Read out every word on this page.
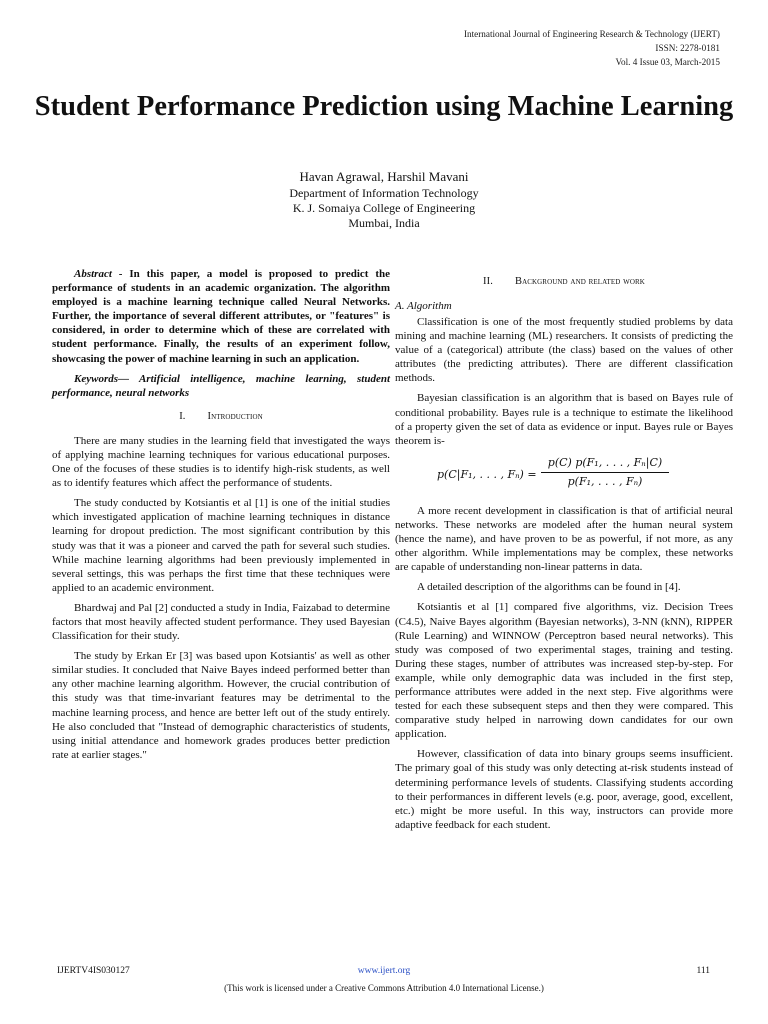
International Journal of Engineering Research & Technology (IJERT)
ISSN: 2278-0181
Vol. 4 Issue 03, March-2015
Student Performance Prediction using Machine Learning
Havan Agrawal, Harshil Mavani
Department of Information Technology
K. J. Somaiya College of Engineering
Mumbai, India

Abstract - In this paper, a model is proposed to predict the performance of students in an academic organization. The algorithm employed is a machine learning technique called Neural Networks. Further, the importance of several different attributes, or "features" is considered, in order to determine which of these are correlated with student performance. Finally, the results of an experiment follow, showcasing the power of machine learning in such an application.

Keywords— Artificial intelligence, machine learning, student performance, neural networks

I. Introduction

There are many studies in the learning field that investigated the ways of applying machine learning techniques for various educational purposes. One of the focuses of these studies is to identify high-risk students, as well as to identify features which affect the performance of students.

The study conducted by Kotsiantis et al [1] is one of the initial studies which investigated application of machine learning techniques in distance learning for dropout prediction. The most significant contribution by this study was that it was a pioneer and carved the path for several such studies. While machine learning algorithms had been previously implemented in several settings, this was perhaps the first time that these techniques were applied to an academic environment.

Bhardwaj and Pal [2] conducted a study in India, Faizabad to determine factors that most heavily affected student performance. They used Bayesian Classification for their study.

The study by Erkan Er [3] was based upon Kotsiantis' as well as other similar studies. It concluded that Naive Bayes indeed performed better than any other machine learning algorithm. However, the crucial contribution of this study was that time-invariant features may be detrimental to the machine learning process, and hence are better left out of the study entirely. He also concluded that "Instead of demographic characteristics of students, using initial attendance and homework grades produces better prediction rate at earlier stages."

II. Background and related work
A. Algorithm

Classification is one of the most frequently studied problems by data mining and machine learning (ML) researchers. It consists of predicting the value of a (categorical) attribute (the class) based on the values of other attributes (the predicting attributes). There are different classification methods.

Bayesian classification is an algorithm that is based on Bayes rule of conditional probability. Bayes rule is a technique to estimate the likelihood of a property given the set of data as evidence or input. Bayes rule or Bayes theorem is-

p(C|F₁, . . . , $F_n) = \frac{\text{p(C) p(F₁, . . . , Fₙ|C)}}{\text{p(F₁, . . . , Fₙ)}}$

A more recent development in classification is that of artificial neural networks. These networks are modeled after the human neural system (hence the name), and have proven to be as powerful, if not more, as any other algorithm. While implementations may be complex, these networks are capable of understanding non-linear patterns in data.

A detailed description of the algorithms can be found in [4].

Kotsiantis et al [1] compared five algorithms, viz. Decision Trees (C4.5), Naive Bayes algorithm (Bayesian networks), 3-NN (kNN), RIPPER (Rule Learning) and WINNOW (Perceptron based neural networks). This study was composed of two experimental stages, training and testing. During these stages, number of attributes was increased step-by-step. For example, while only demographic data was included in the first step, performance attributes were added in the next step. Five algorithms were tested for each these subsequent steps and then they were compared. This comparative study helped in narrowing down candidates for our own application.

However, classification of data into binary groups seems insufficient. The primary goal of this study was only detecting at-risk students instead of determining performance levels of students. Classifying students according to their performances in different levels (e.g. poor, average, good, excellent, etc.) might be more useful. In this way, instructors can provide more adaptive feedback for each student.

IJERTV4IS030127	www.ijert.org	111
(This work is licensed under a Creative Commons Attribution 4.0 International License.)
